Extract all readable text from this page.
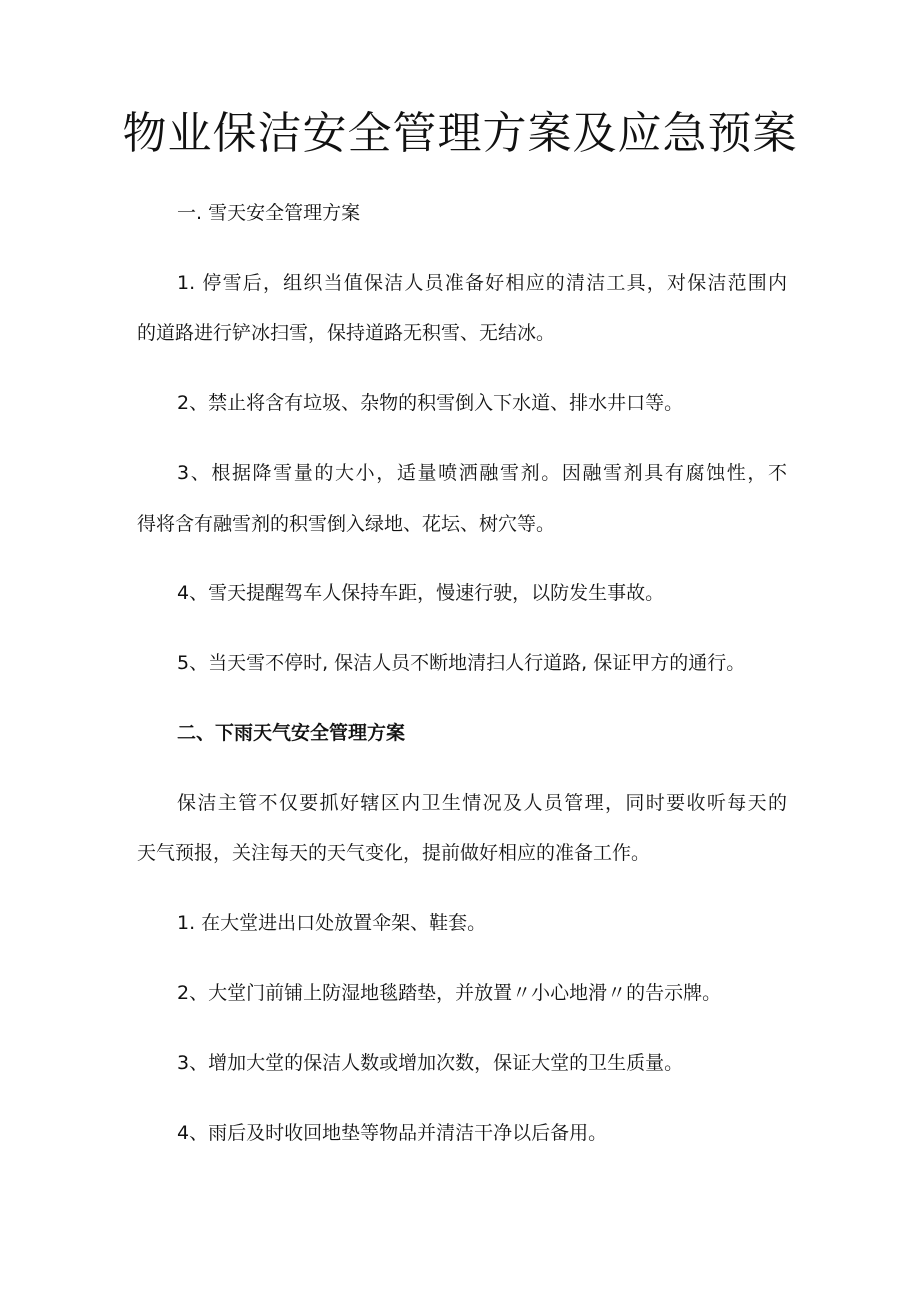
物业保洁安全管理方案及应急预案

一. 雪天安全管理方案

1. 停雪后，组织当值保洁人员准备好相应的清洁工具，对保洁范围内

的道路进行铲冰扫雪，保持道路无积雪、无结冰。

2、禁止将含有垃圾、杂物的积雪倒入下水道、排水井口等。

3、根据降雪量的大小，适量喷洒融雪剂。因融雪剂具有腐蚀性，不

得将含有融雪剂的积雪倒入绿地、花坛、树穴等。

4、雪天提醒驾车人保持车距，慢速行驶，以防发生事故。

5、当天雪不停时, 保洁人员不断地清扫人行道路, 保证甲方的通行。

二、下雨天气安全管理方案

保洁主管不仅要抓好辖区内卫生情况及人员管理，同时要收听每天的

天气预报，关注每天的天气变化，提前做好相应的准备工作。

1. 在大堂进出口处放置伞架、鞋套。

2、大堂门前铺上防湿地毯踏垫，并放置〃小心地滑〃的告示牌。

3、增加大堂的保洁人数或增加次数，保证大堂的卫生质量。

4、雨后及时收回地垫等物品并清洁干净以后备用。
